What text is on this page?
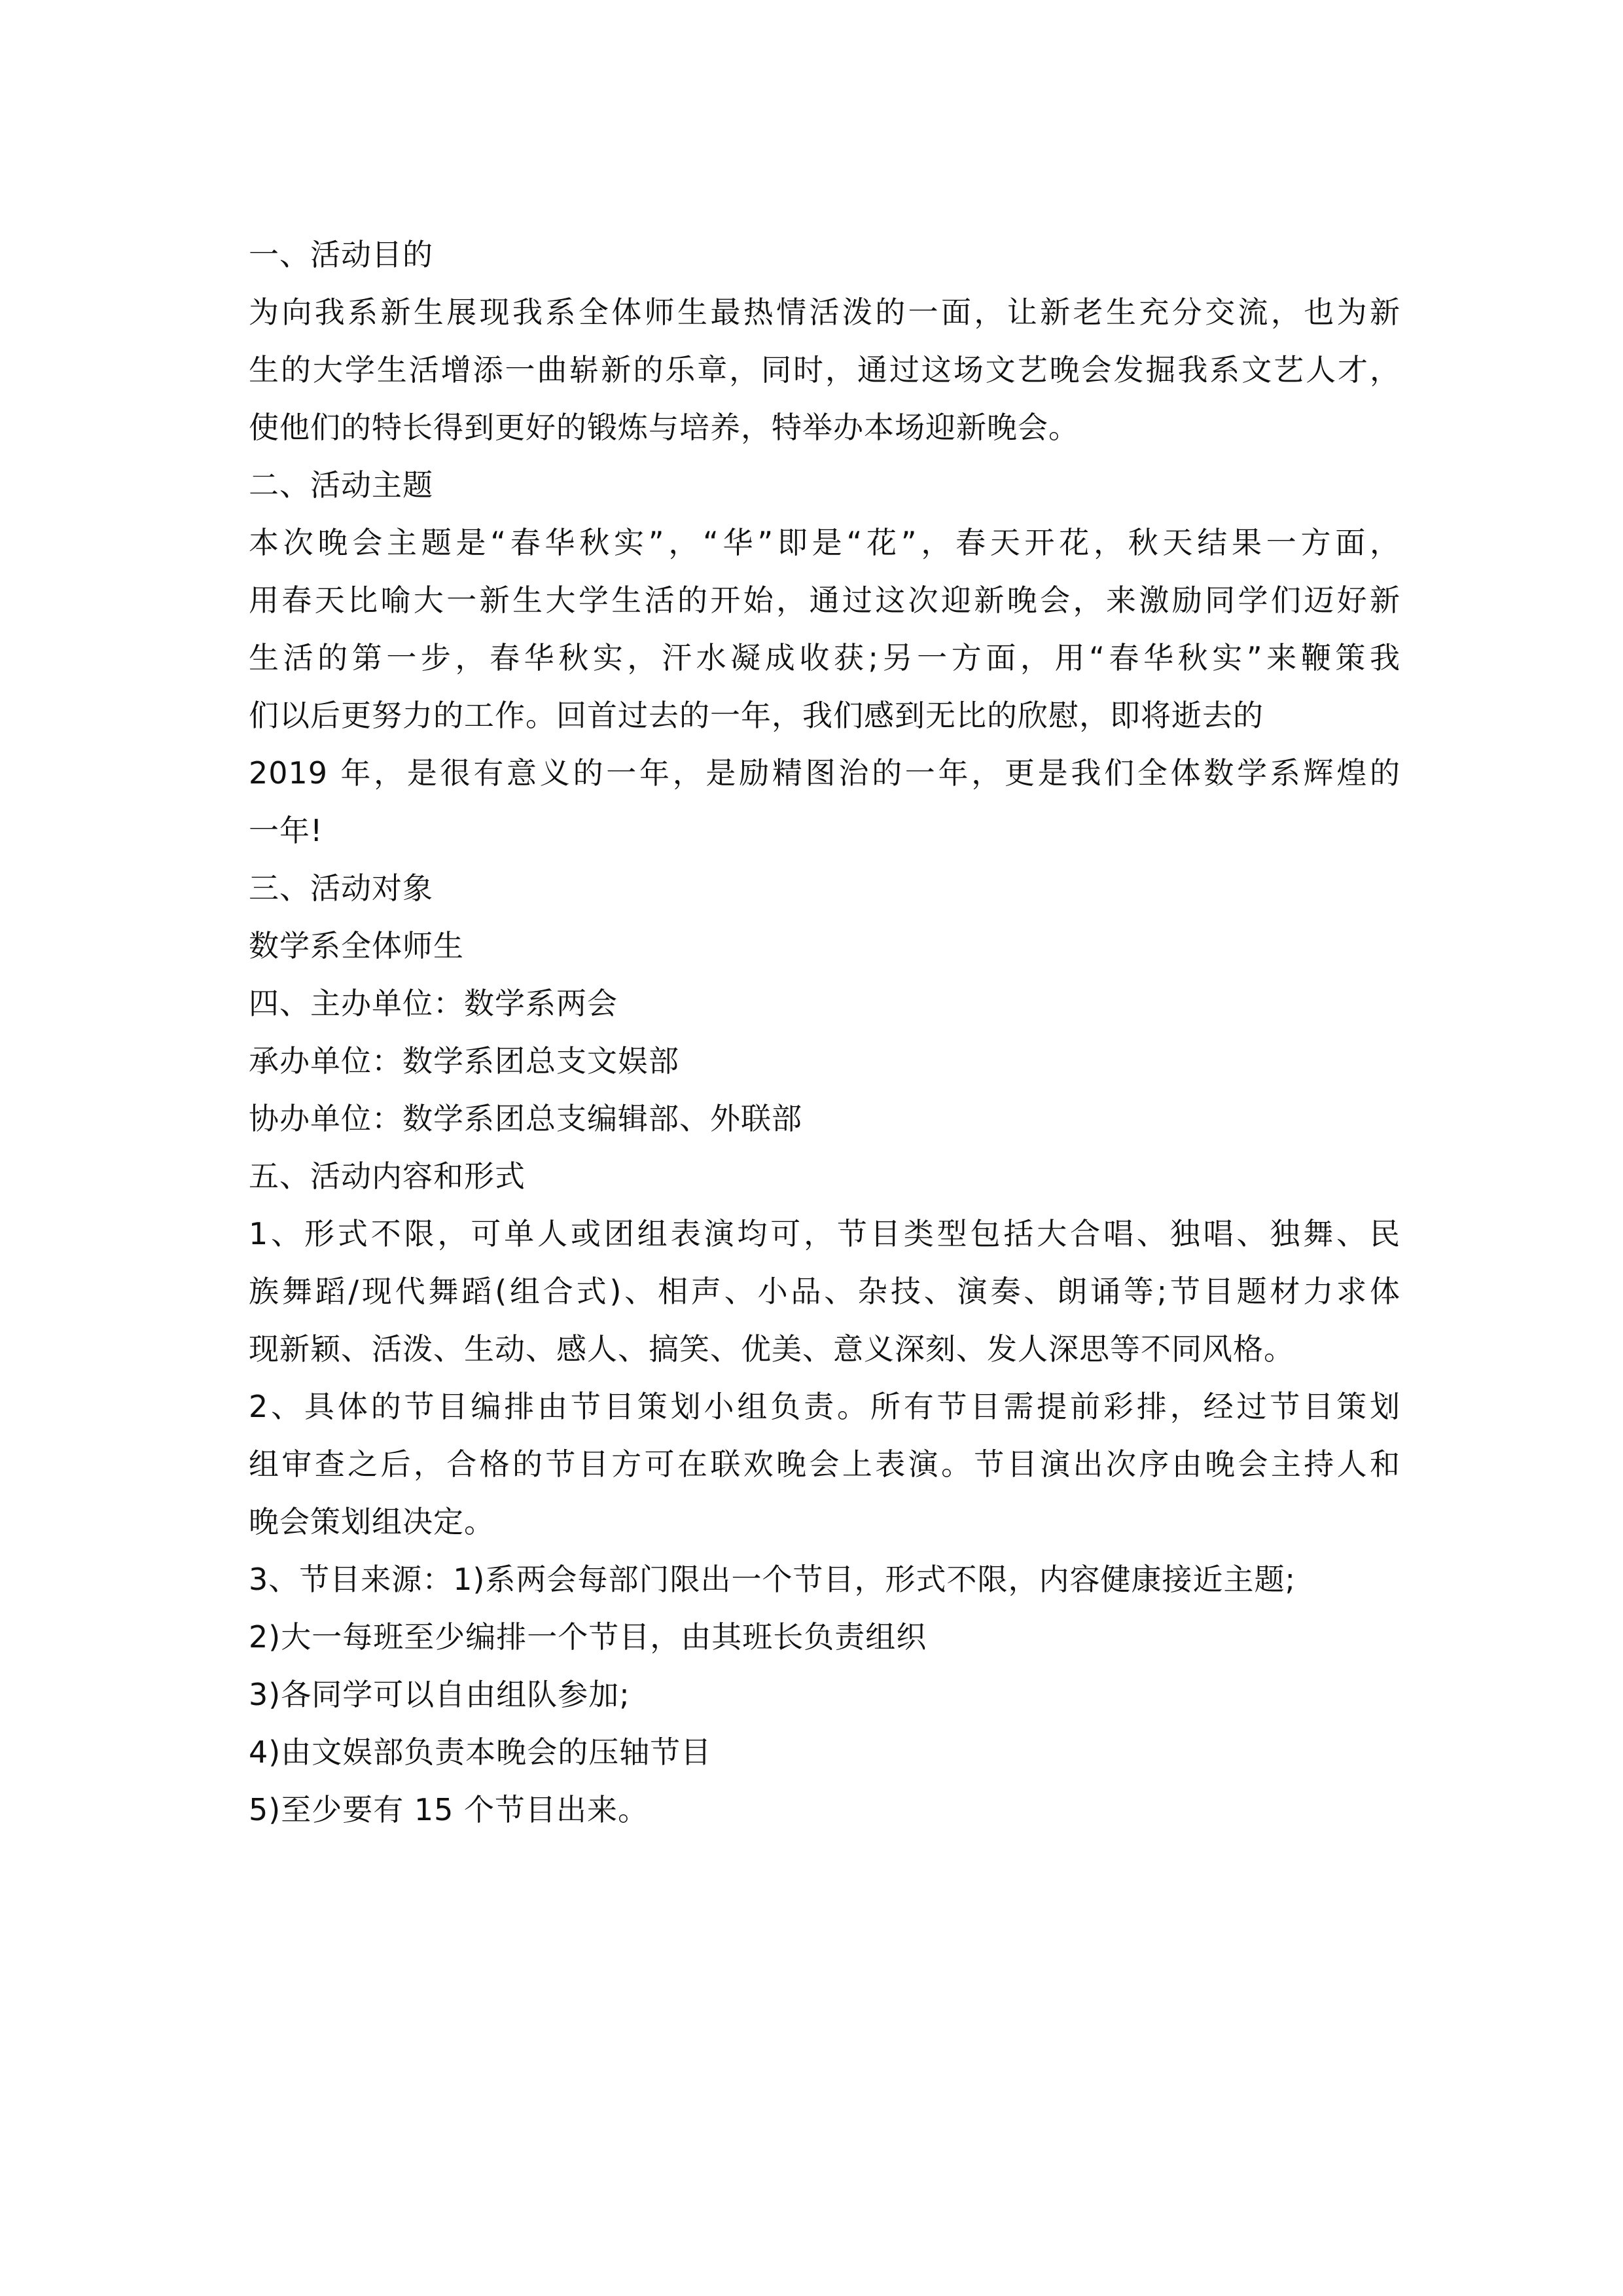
一、活动目的
为向我系新生展现我系全体师生最热情活泼的一面，让新老生充分交流，也为新
生的大学生活增添一曲崭新的乐章，同时，通过这场文艺晚会发掘我系文艺人才，
使他们的特长得到更好的锻炼与培养，特举办本场迎新晚会。
二、活动主题
本次晚会主题是“春华秋实”，“华”即是“花”，春天开花，秋天结果一方面，
用春天比喻大一新生大学生活的开始，通过这次迎新晚会，来激励同学们迈好新
生活的第一步，春华秋实，汗水凝成收获;另一方面，用“春华秋实”来鞭策我
们以后更努力的工作。回首过去的一年，我们感到无比的欣慰，即将逝去的
2019 年，是很有意义的一年，是励精图治的一年，更是我们全体数学系辉煌的
一年!
三、活动对象
数学系全体师生
四、主办单位：数学系两会
承办单位：数学系团总支文娱部
协办单位：数学系团总支编辑部、外联部
五、活动内容和形式
1、形式不限，可单人或团组表演均可，节目类型包括大合唱、独唱、独舞、民
族舞蹈/现代舞蹈(组合式)、相声、小品、杂技、演奏、朗诵等;节目题材力求体
现新颖、活泼、生动、感人、搞笑、优美、意义深刻、发人深思等不同风格。
2、具体的节目编排由节目策划小组负责。所有节目需提前彩排，经过节目策划
组审查之后，合格的节目方可在联欢晚会上表演。节目演出次序由晚会主持人和
晚会策划组决定。
3、节目来源：1)系两会每部门限出一个节目，形式不限，内容健康接近主题;
2)大一每班至少编排一个节目，由其班长负责组织
3)各同学可以自由组队参加;
4)由文娱部负责本晚会的压轴节目
5)至少要有 15 个节目出来。
